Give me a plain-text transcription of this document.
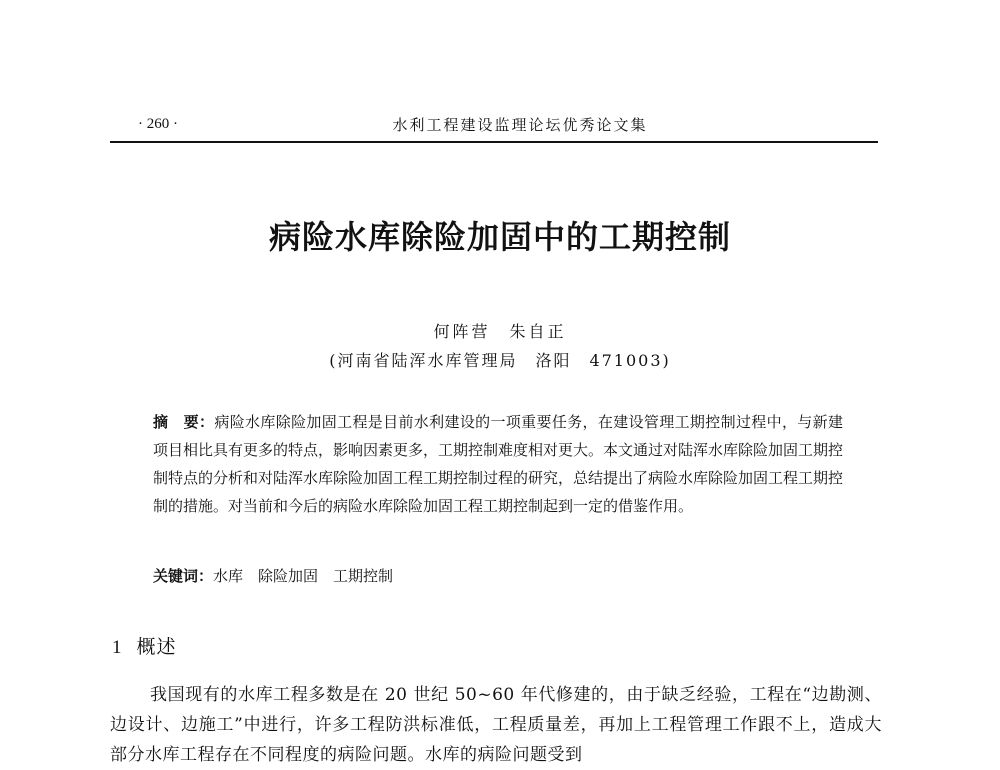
· 260 ·	水利工程建设监理论坛优秀论文集
病险水库除险加固中的工期控制
何阵营　朱自正
(河南省陆浑水库管理局　洛阳　471003)
摘　要：病险水库除险加固工程是目前水利建设的一项重要任务，在建设管理工期控制过程中，与新建项目相比具有更多的特点，影响因素更多，工期控制难度相对更大。本文通过对陆浑水库除险加固工期控制特点的分析和对陆浑水库除险加固工程工期控制过程的研究，总结提出了病险水库除险加固工程工期控制的措施。对当前和今后的病险水库除险加固工程工期控制起到一定的借鉴作用。
关键词：水库　除险加固　工期控制
1 概述
我国现有的水库工程多数是在 20 世纪 50~60 年代修建的，由于缺乏经验，工程在“边勘测、边设计、边施工”中进行，许多工程防洪标准低，工程质量差，再加上工程管理工作跟不上，造成大部分水库工程存在不同程度的病险问题。水库的病险问题受到
